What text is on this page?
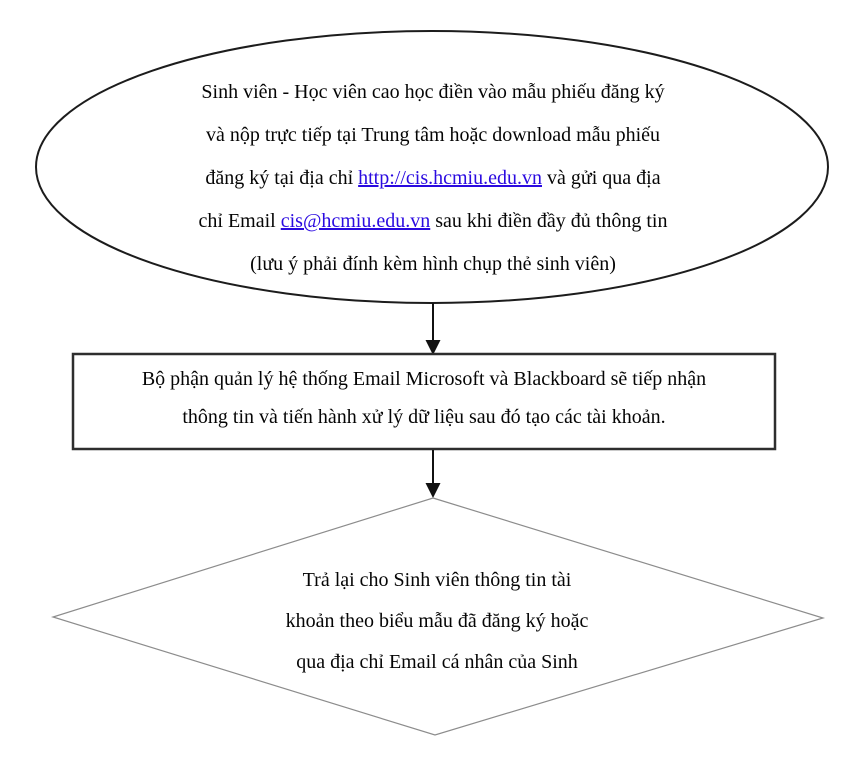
Sinh viên - Học viên cao học điền vào mẫu phiếu đăng ký
và nộp trực tiếp tại Trung tâm hoặc download mẫu phiếu
đăng ký tại địa chỉ http://cis.hcmiu.edu.vn và gửi qua địa
chỉ Email cis@hcmiu.edu.vn sau khi điền đầy đủ thông tin
(lưu ý phải đính kèm hình chụp thẻ sinh viên)
Bộ phận quản lý hệ thống Email Microsoft và Blackboard sẽ tiếp nhận
thông tin và tiến hành xử lý dữ liệu sau đó tạo các tài khoản.
Trả lại cho Sinh viên thông tin tài
khoản theo biểu mẫu đã đăng ký hoặc
qua địa chỉ Email cá nhân của Sinh
